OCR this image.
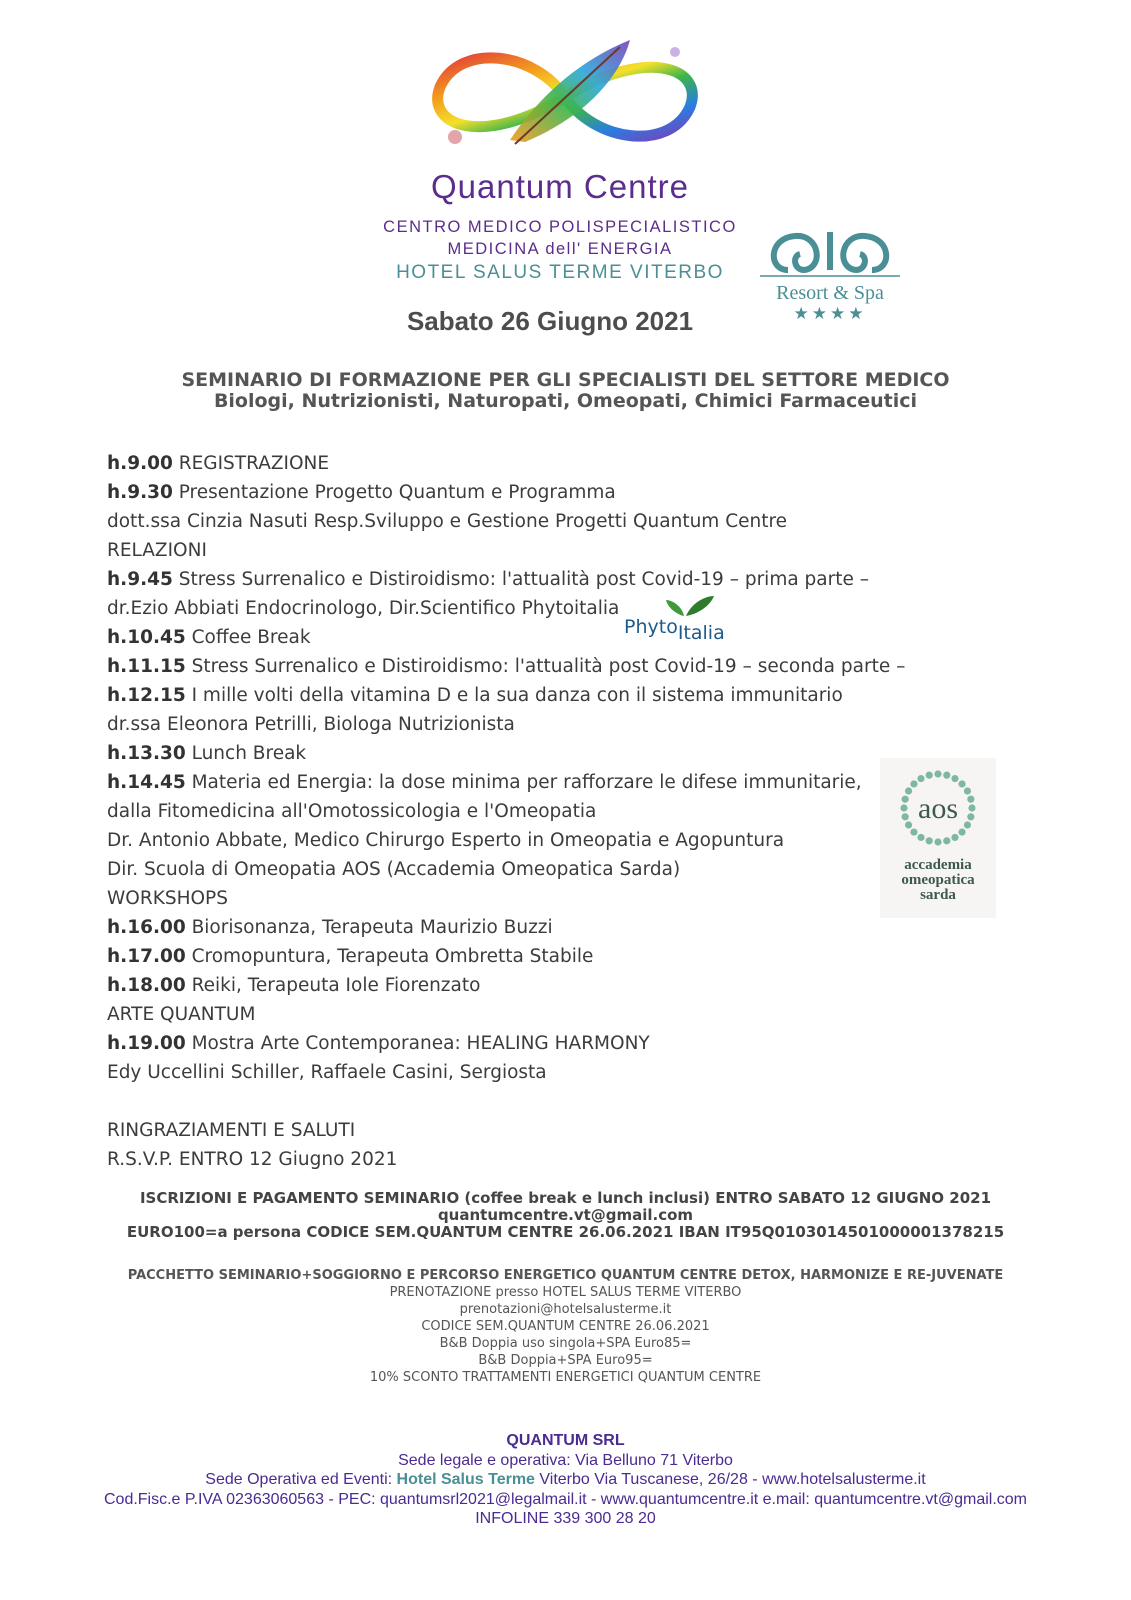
Quantum Centre
CENTRO MEDICO POLISPECIALISTICO
MEDICINA dell' ENERGIA
HOTEL SALUS TERME VITERBO
Resort & Spa
★★★★
Sabato 26 Giugno 2021
SEMINARIO DI FORMAZIONE PER GLI SPECIALISTI DEL SETTORE MEDICO
Biologi, Nutrizionisti, Naturopati, Omeopati, Chimici Farmaceutici
h.9.00 REGISTRAZIONE
h.9.30 Presentazione Progetto Quantum e Programma
dott.ssa Cinzia Nasuti Resp.Sviluppo e Gestione Progetti Quantum Centre
RELAZIONI
h.9.45 Stress Surrenalico e Distiroidismo: l'attualità post Covid-19 – prima parte –
dr.Ezio Abbiati Endocrinologo, Dir.Scientifico Phytoitalia
h.10.45 Coffee Break
h.11.15 Stress Surrenalico e Distiroidismo: l'attualità post Covid-19 – seconda parte –
h.12.15 I mille volti della vitamina D e la sua danza con il sistema immunitario
dr.ssa Eleonora Petrilli, Biologa Nutrizionista
h.13.30 Lunch Break
h.14.45 Materia ed Energia: la dose minima per rafforzare le difese immunitarie,
dalla Fitomedicina all'Omotossicologia e l'Omeopatia
Dr. Antonio Abbate, Medico Chirurgo Esperto in Omeopatia e Agopuntura
Dir. Scuola di Omeopatia AOS (Accademia Omeopatica Sarda)
WORKSHOPS
h.16.00 Biorisonanza, Terapeuta Maurizio Buzzi
h.17.00 Cromopuntura, Terapeuta Ombretta Stabile
h.18.00 Reiki, Terapeuta Iole Fiorenzato
ARTE QUANTUM
h.19.00 Mostra Arte Contemporanea: HEALING HARMONY
Edy Uccellini Schiller, Raffaele Casini, Sergiosta
RINGRAZIAMENTI E SALUTI
R.S.V.P. ENTRO 12 Giugno 2021
PhytoItalia
aos
accademia
omeopatica
sarda
ISCRIZIONI E PAGAMENTO SEMINARIO (coffee break e lunch inclusi) ENTRO SABATO 12 GIUGNO 2021
quantumcentre.vt@gmail.com
EURO100=a persona CODICE SEM.QUANTUM CENTRE 26.06.2021 IBAN IT95Q0103014501000001378215
PACCHETTO SEMINARIO+SOGGIORNO E PERCORSO ENERGETICO QUANTUM CENTRE DETOX, HARMONIZE E RE-JUVENATE
PRENOTAZIONE presso HOTEL SALUS TERME VITERBO
prenotazioni@hotelsalusterme.it
CODICE SEM.QUANTUM CENTRE 26.06.2021
B&B Doppia uso singola+SPA Euro85=
B&B Doppia+SPA Euro95=
10% SCONTO TRATTAMENTI ENERGETICI QUANTUM CENTRE
QUANTUM SRL
Sede legale e operativa: Via Belluno 71 Viterbo
Sede Operativa ed Eventi: Hotel Salus Terme Viterbo Via Tuscanese, 26/28 - www.hotelsalusterme.it
Cod.Fisc.e P.IVA 02363060563 - PEC: quantumsrl2021@legalmail.it - www.quantumcentre.it e.mail: quantumcentre.vt@gmail.com
INFOLINE 339 300 28 20
